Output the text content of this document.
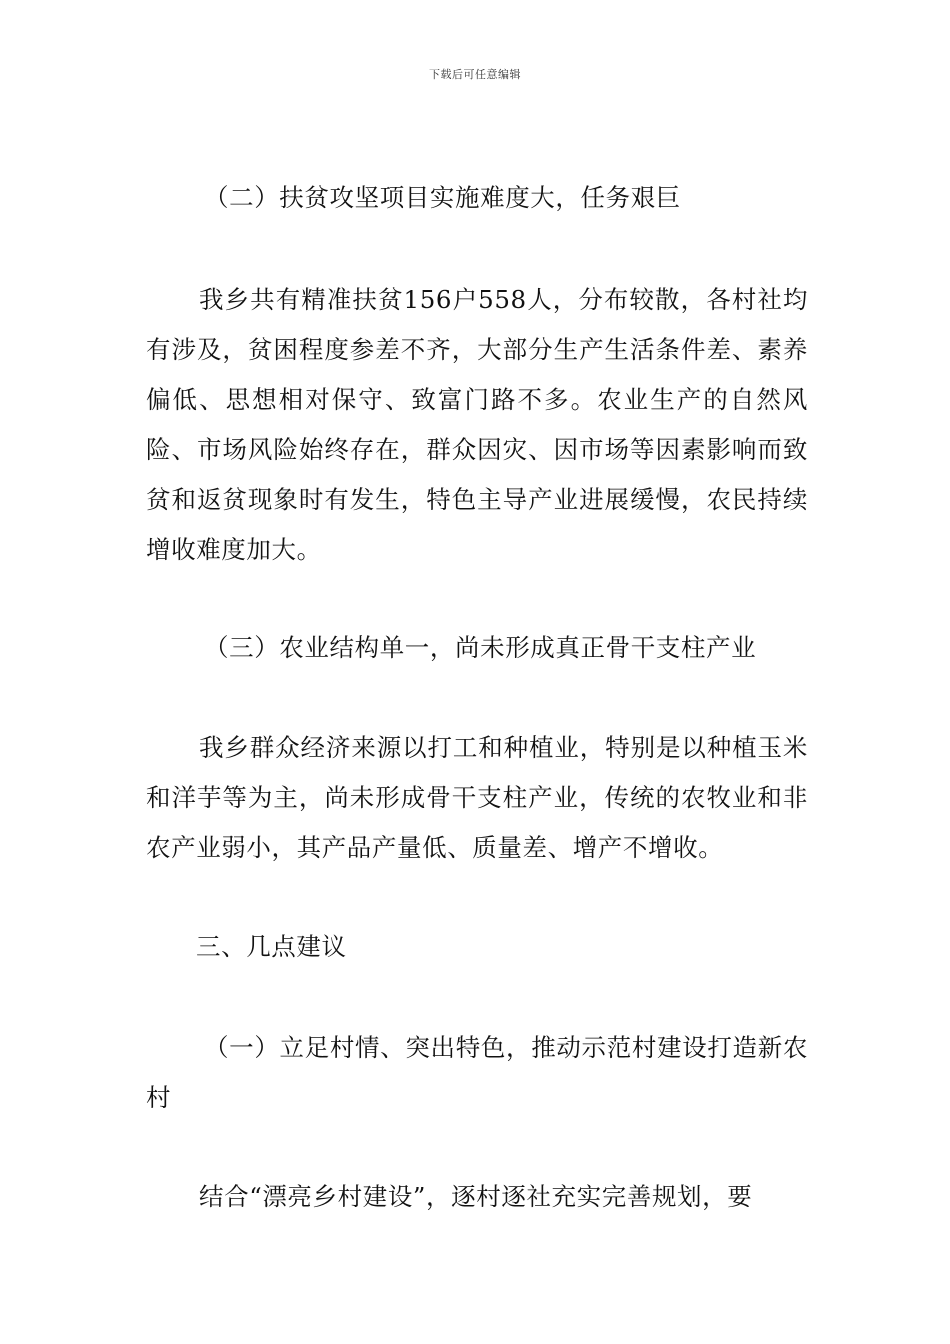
下载后可任意编辑
（二）扶贫攻坚项目实施难度大，任务艰巨
我乡共有精准扶贫156户558人，分布较散，各村社均有涉及，贫困程度参差不齐，大部分生产生活条件差、素养偏低、思想相对保守、致富门路不多。农业生产的自然风险、市场风险始终存在，群众因灾、因市场等因素影响而致贫和返贫现象时有发生，特色主导产业进展缓慢，农民持续增收难度加大。
（三）农业结构单一，尚未形成真正骨干支柱产业
我乡群众经济来源以打工和种植业，特别是以种植玉米和洋芋等为主，尚未形成骨干支柱产业，传统的农牧业和非农产业弱小，其产品产量低、质量差、增产不增收。
三、几点建议
（一）立足村情、突出特色，推动示范村建设打造新农村
结合“漂亮乡村建设”，逐村逐社充实完善规划，要
